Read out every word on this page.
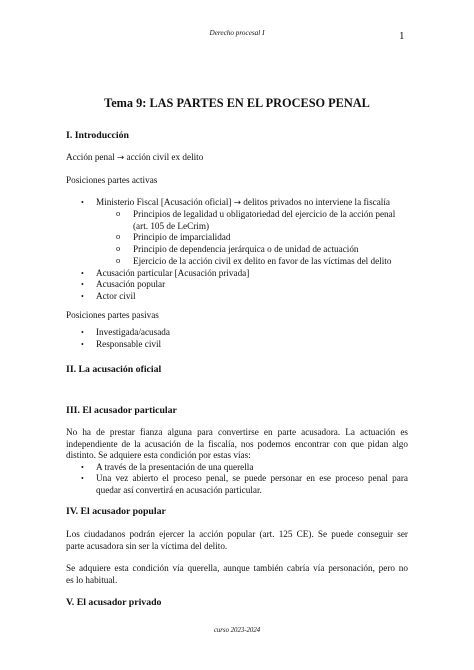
Derecho procesal I	1
Tema 9: LAS PARTES EN EL PROCESO PENAL
I. Introducción
Acción penal → acción civil ex delito
Posiciones partes activas
• Ministerio Fiscal [Acusación oficial] → delitos privados no interviene la fiscalía
o Principios de legalidad u obligatoriedad del ejercicio de la acción penal
(art. 105 de LeCrim)
o Principio de imparcialidad
o Principio de dependencia jerárquica o de unidad de actuación
o Ejercicio de la acción civil ex delito en favor de las víctimas del delito
• Acusación particular [Acusación privada]
• Acusación popular
• Actor civil
Posiciones partes pasivas
• Investigada/acusada
• Responsable civil
II. La acusación oficial
III. El acusador particular
No ha de prestar fianza alguna para convertirse en parte acusadora. La actuación es
independiente de la acusación de la fiscalía, nos podemos encontrar con que pidan algo
distinto. Se adquiere esta condición por estas vías:
• A través de la presentación de una querella
• Una vez abierto el proceso penal, se puede personar en ese proceso penal para
quedar así convertirá en acusación particular.
IV. El acusador popular
Los ciudadanos podrán ejercer la acción popular (art. 125 CE). Se puede conseguir ser
parte acusadora sin ser la víctima del delito.
Se adquiere esta condición vía querella, aunque también cabría vía personación, pero no
es lo habitual.
V. El acusador privado
curso 2023-2024
